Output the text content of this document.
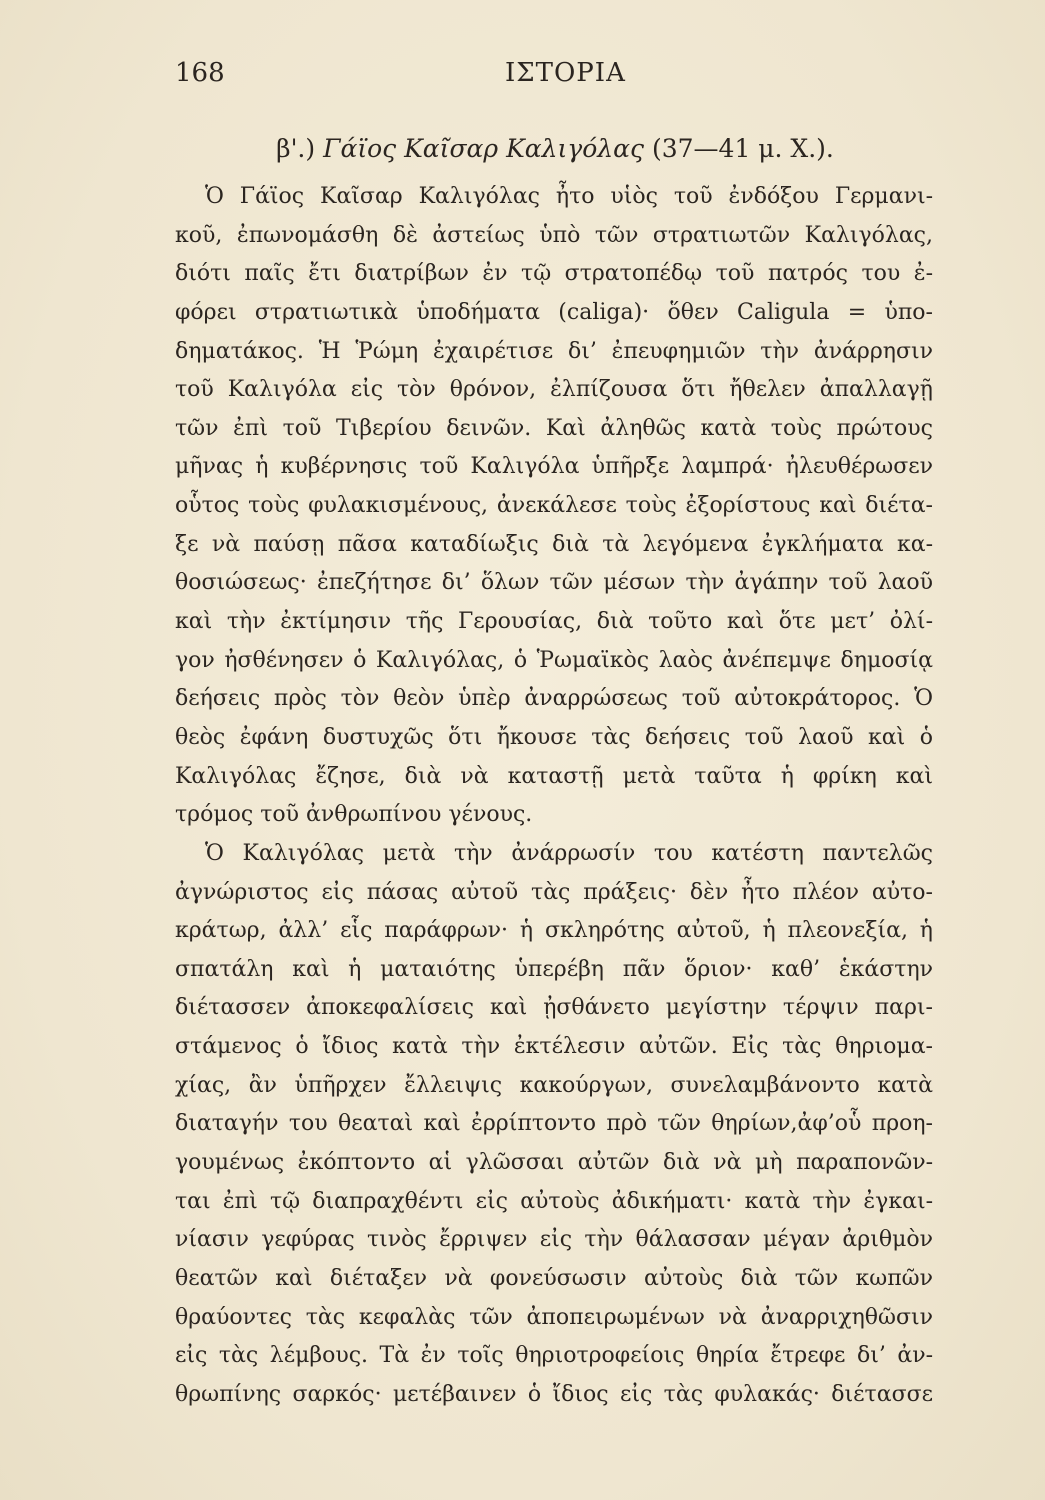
168	ΙΣΤΟΡΙΑ
β'.) Γάϊος Καῖσαρ Καλιγόλας (37—41 μ. Χ.).
Ὁ Γάϊος Καῖσαρ Καλιγόλας ἦτο υἱὸς τοῦ ἐνδόξου Γερμανι-
κοῦ, ἐπωνομάσθη δὲ ἀστείως ὑπὸ τῶν στρατιωτῶν Καλιγόλας,
διότι παῖς ἔτι διατρίβων ἐν τῷ στρατοπέδῳ τοῦ πατρός του ἐ-
φόρει στρατιωτικὰ ὑποδήματα (caliga)· ὅθεν Caligula = ὑπο-
δηματάκος. Ἡ Ῥώμη ἐχαιρέτισε δι’ ἐπευφημιῶν τὴν ἀνάρρησιν
τοῦ Καλιγόλα εἰς τὸν θρόνον, ἐλπίζουσα ὅτι ἤθελεν ἀπαλλαγῇ
τῶν ἐπὶ τοῦ Τιβερίου δεινῶν. Καὶ ἀληθῶς κατὰ τοὺς πρώτους
μῆνας ἡ κυβέρνησις τοῦ Καλιγόλα ὑπῆρξε λαμπρά· ἠλευθέρωσεν
οὗτος τοὺς φυλακισμένους, ἀνεκάλεσε τοὺς ἐξορίστους καὶ διέτα-
ξε νὰ παύσῃ πᾶσα καταδίωξις διὰ τὰ λεγόμενα ἐγκλήματα κα-
θοσιώσεως· ἐπεζήτησε δι’ ὅλων τῶν μέσων τὴν ἀγάπην τοῦ λαοῦ
καὶ τὴν ἐκτίμησιν τῆς Γερουσίας, διὰ τοῦτο καὶ ὅτε μετ’ ὀλί-
γον ἠσθένησεν ὁ Καλιγόλας, ὁ Ῥωμαϊκὸς λαὸς ἀνέπεμψε δημοσίᾳ
δεήσεις πρὸς τὸν θεὸν ὑπὲρ ἀναρρώσεως τοῦ αὐτοκράτορος. Ὁ
θεὸς ἐφάνη δυστυχῶς ὅτι ἤκουσε τὰς δεήσεις τοῦ λαοῦ καὶ ὁ
Καλιγόλας ἔζησε, διὰ νὰ καταστῇ μετὰ ταῦτα ἡ φρίκη καὶ
τρόμος τοῦ ἀνθρωπίνου γένους.
Ὁ Καλιγόλας μετὰ τὴν ἀνάρρωσίν του κατέστη παντελῶς
ἀγνώριστος εἰς πάσας αὐτοῦ τὰς πράξεις· δὲν ἦτο πλέον αὐτο-
κράτωρ, ἀλλ’ εἷς παράφρων· ἡ σκληρότης αὐτοῦ, ἡ πλεονεξία, ἡ
σπατάλη καὶ ἡ ματαιότης ὑπερέβη πᾶν ὅριον· καθ’ ἑκάστην
διέτασσεν ἀποκεφαλίσεις καὶ ᾐσθάνετο μεγίστην τέρψιν παρι-
στάμενος ὁ ἴδιος κατὰ τὴν ἐκτέλεσιν αὐτῶν. Εἰς τὰς θηριομα-
χίας, ἂν ὑπῆρχεν ἔλλειψις κακούργων, συνελαμβάνοντο κατὰ
διαταγήν του θεαταὶ καὶ ἐρρίπτοντο πρὸ τῶν θηρίων,ἀφ’οὗ προη-
γουμένως ἐκόπτοντο αἱ γλῶσσαι αὐτῶν διὰ νὰ μὴ παραπονῶν-
ται ἐπὶ τῷ διαπραχθέντι εἰς αὐτοὺς ἀδικήματι· κατὰ τὴν ἐγκαι-
νίασιν γεφύρας τινὸς ἔρριψεν εἰς τὴν θάλασσαν μέγαν ἀριθμὸν
θεατῶν καὶ διέταξεν νὰ φονεύσωσιν αὐτοὺς διὰ τῶν κωπῶν
θραύοντες τὰς κεφαλὰς τῶν ἀποπειρωμένων νὰ ἀναρριχηθῶσιν
εἰς τὰς λέμβους. Τὰ ἐν τοῖς θηριοτροφείοις θηρία ἔτρεφε δι’ ἀν-
θρωπίνης σαρκός· μετέβαινεν ὁ ἴδιος εἰς τὰς φυλακάς· διέτασσε
